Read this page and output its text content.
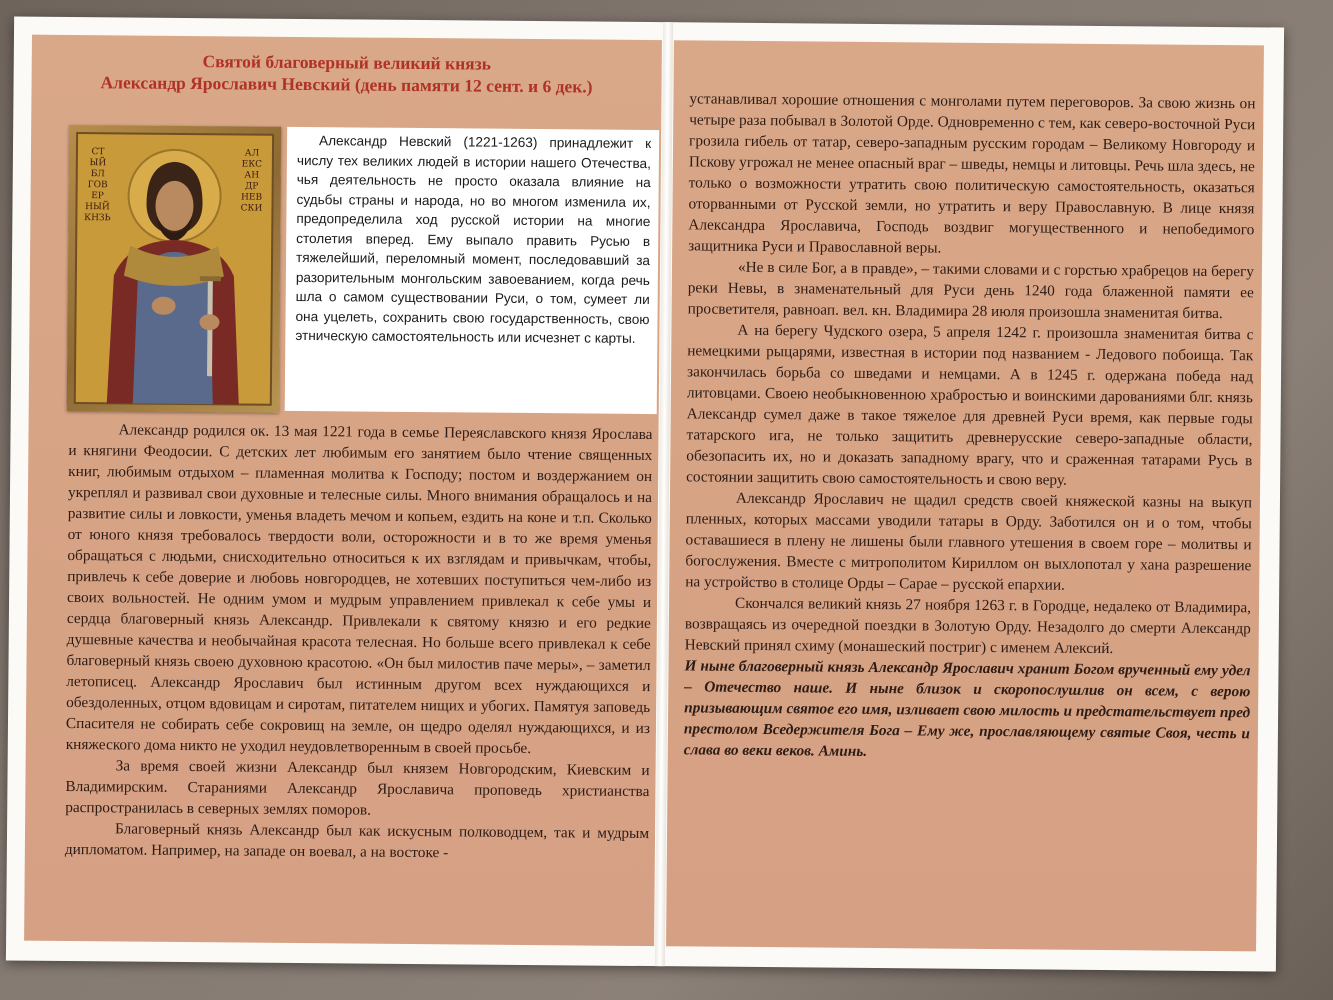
Святой благоверный великий князь
Александр Ярославич Невский (день памяти 12 сент. и 6 дек.)
СТ
ЫЙ
БЛ
ГОВ
ЕР
НЫЙ
КНЗЬ
АЛ
ЕКС
АН
ДР
НЕВ
СКИ

Александр Невский (1221-1263) принадлежит к числу тех великих людей в истории нашего Отечества, чья деятельность не просто оказала влияние на судьбы страны и народа, но во многом изменила их, предопределила ход русской истории на многие столетия вперед. Ему выпало править Русью в тяжелейший, переломный момент, последовавший за разорительным монгольским завоеванием, когда речь шла о самом существовании Руси, о том, сумеет ли она уцелеть, сохранить свою государственность, свою этническую самостоятельность или исчезнет с карты.

Александр родился ок. 13 мая 1221 года в семье Переяславского князя Ярослава и княгини Феодосии. С детских лет любимым его занятием было чтение священных книг, любимым отдыхом – пламенная молитва к Господу; постом и воздержанием он укреплял и развивал свои духовные и телесные силы. Много внимания обращалось и на развитие силы и ловкости, уменья владеть мечом и копьем, ездить на коне и т.п. Сколько от юного князя требовалось твердости воли, осторожности и в то же время уменья обращаться с людьми, снисходительно относиться к их взглядам и привычкам, чтобы, привлечь к себе доверие и любовь новгородцев, не хотевших поступиться чем-либо из своих вольностей. Не одним умом и мудрым управлением привлекал к себе умы и сердца благоверный князь Александр. Привлекали к святому князю и его редкие душевные качества и необычайная красота телесная. Но больше всего привлекал к себе благоверный князь своею духовною красотою. «Он был милостив паче меры», – заметил летописец. Александр Ярославич был истинным другом всех нуждающихся и обездоленных, отцом вдовицам и сиротам, питателем нищих и убогих. Памятуя заповедь Спасителя не собирать себе сокровищ на земле, он щедро оделял нуждающихся, и из княжеского дома никто не уходил неудовлетворенным в своей просьбе.

За время своей жизни Александр был князем Новгородским, Киевским и Владимирским. Стараниями Александр Ярославича проповедь христианства распространилась в северных землях поморов.

Благоверный князь Александр был как искусным полководцем, так и мудрым дипломатом. Например, на западе он воевал, а на востоке -

устанавливал хорошие отношения с монголами путем переговоров. За свою жизнь он четыре раза побывал в Золотой Орде. Одновременно с тем, как северо-восточной Руси грозила гибель от татар, северо-западным русским городам – Великому Новгороду и Пскову угрожал не менее опасный враг – шведы, немцы и литовцы. Речь шла здесь, не только о возможности утратить свою политическую самостоятельность, оказаться оторванными от Русской земли, но утратить и веру Православную. В лице князя Александра Ярославича, Господь воздвиг могущественного и непобедимого защитника Руси и Православной веры.

«Не в силе Бог, а в правде», – такими словами и с горстью храбрецов на берегу реки Невы, в знаменательный для Руси день 1240 года блаженной памяти ее просветителя, равноап. вел. кн. Владимира 28 июля произошла знаменитая битва.

А на берегу Чудского озера, 5 апреля 1242 г. произошла знаменитая битва с немецкими рыцарями, известная в истории под названием - Ледового побоища. Так закончилась борьба со шведами и немцами. А в 1245 г. одержана победа над литовцами. Своею необыкновенною храбростью и воинскими дарованиями блг. князь Александр сумел даже в такое тяжелое для древней Руси время, как первые годы татарского ига, не только защитить древнерусские северо-западные области, обезопасить их, но и доказать западному врагу, что и сраженная татарами Русь в состоянии защитить свою самостоятельность и свою веру.

Александр Ярославич не щадил средств своей княжеской казны на выкуп пленных, которых массами уводили татары в Орду. Заботился он и о том, чтобы оставашиеся в плену не лишены были главного утешения в своем горе – молитвы и богослужения. Вместе с митрополитом Кириллом он выхлопотал у хана разрешение на устройство в столице Орды – Сарае – русской епархии.

Скончался великий князь 27 ноября 1263 г. в Городце, недалеко от Владимира, возвращаясь из очередной поездки в Золотую Орду. Незадолго до смерти Александр Невский принял схиму (монашеский постриг) с именем Алексий.

И ныне благоверный князь Александр Ярославич хранит Богом врученный ему удел – Отечество наше. И ныне близок и скоропослушлив он всем, с верою призывающим святое его имя, изливает свою милость и предстательствует пред престолом Вседержителя Бога – Ему же, прославляющему святые Своя, честь и слава во веки веков. Аминь.
